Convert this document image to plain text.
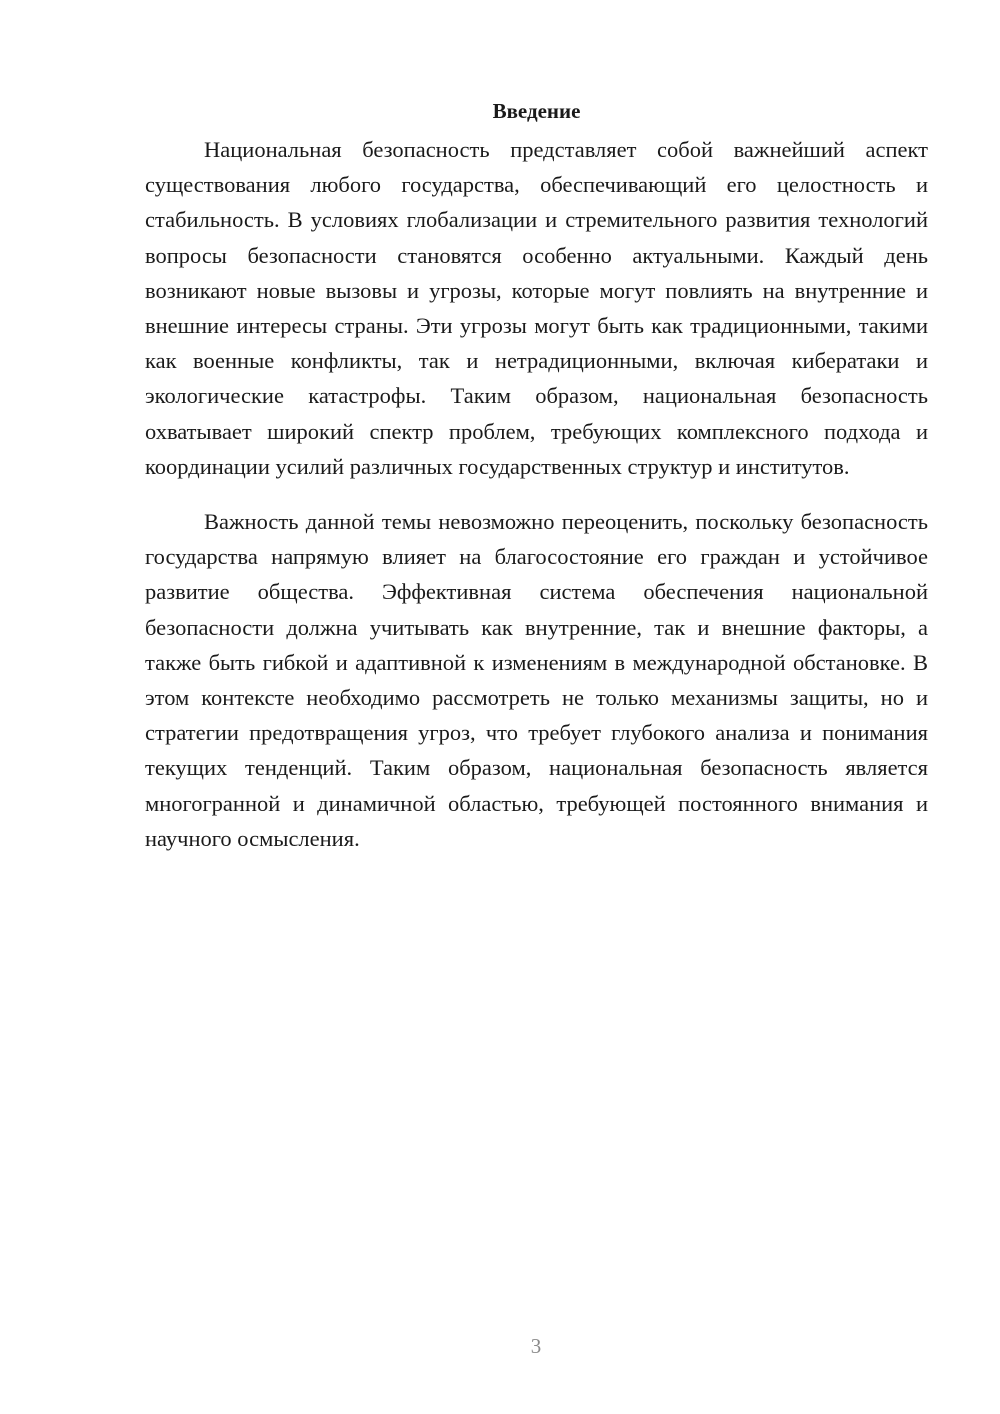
Введение

Национальная безопасность представляет собой важнейший аспект существования любого государства, обеспечивающий его целостность и стабильность. В условиях глобализации и стремительного развития технологий вопросы безопасности становятся особенно актуальными. Каждый день возникают новые вызовы и угрозы, которые могут повлиять на внутренние и внешние интересы страны. Эти угрозы могут быть как традиционными, такими как военные конфликты, так и нетрадиционными, включая кибератаки и экологические катастрофы. Таким образом, национальная безопасность охватывает широкий спектр проблем, требующих комплексного подхода и координации усилий различных государственных структур и институтов.

Важность данной темы невозможно переоценить, поскольку безопасность государства напрямую влияет на благосостояние его граждан и устойчивое развитие общества. Эффективная система обеспечения национальной безопасности должна учитывать как внутренние, так и внешние факторы, а также быть гибкой и адаптивной к изменениям в международной обстановке. В этом контексте необходимо рассмотреть не только механизмы защиты, но и стратегии предотвращения угроз, что требует глубокого анализа и понимания текущих тенденций. Таким образом, национальная безопасность является многогранной и динамичной областью, требующей постоянного внимания и научного осмысления.

3
